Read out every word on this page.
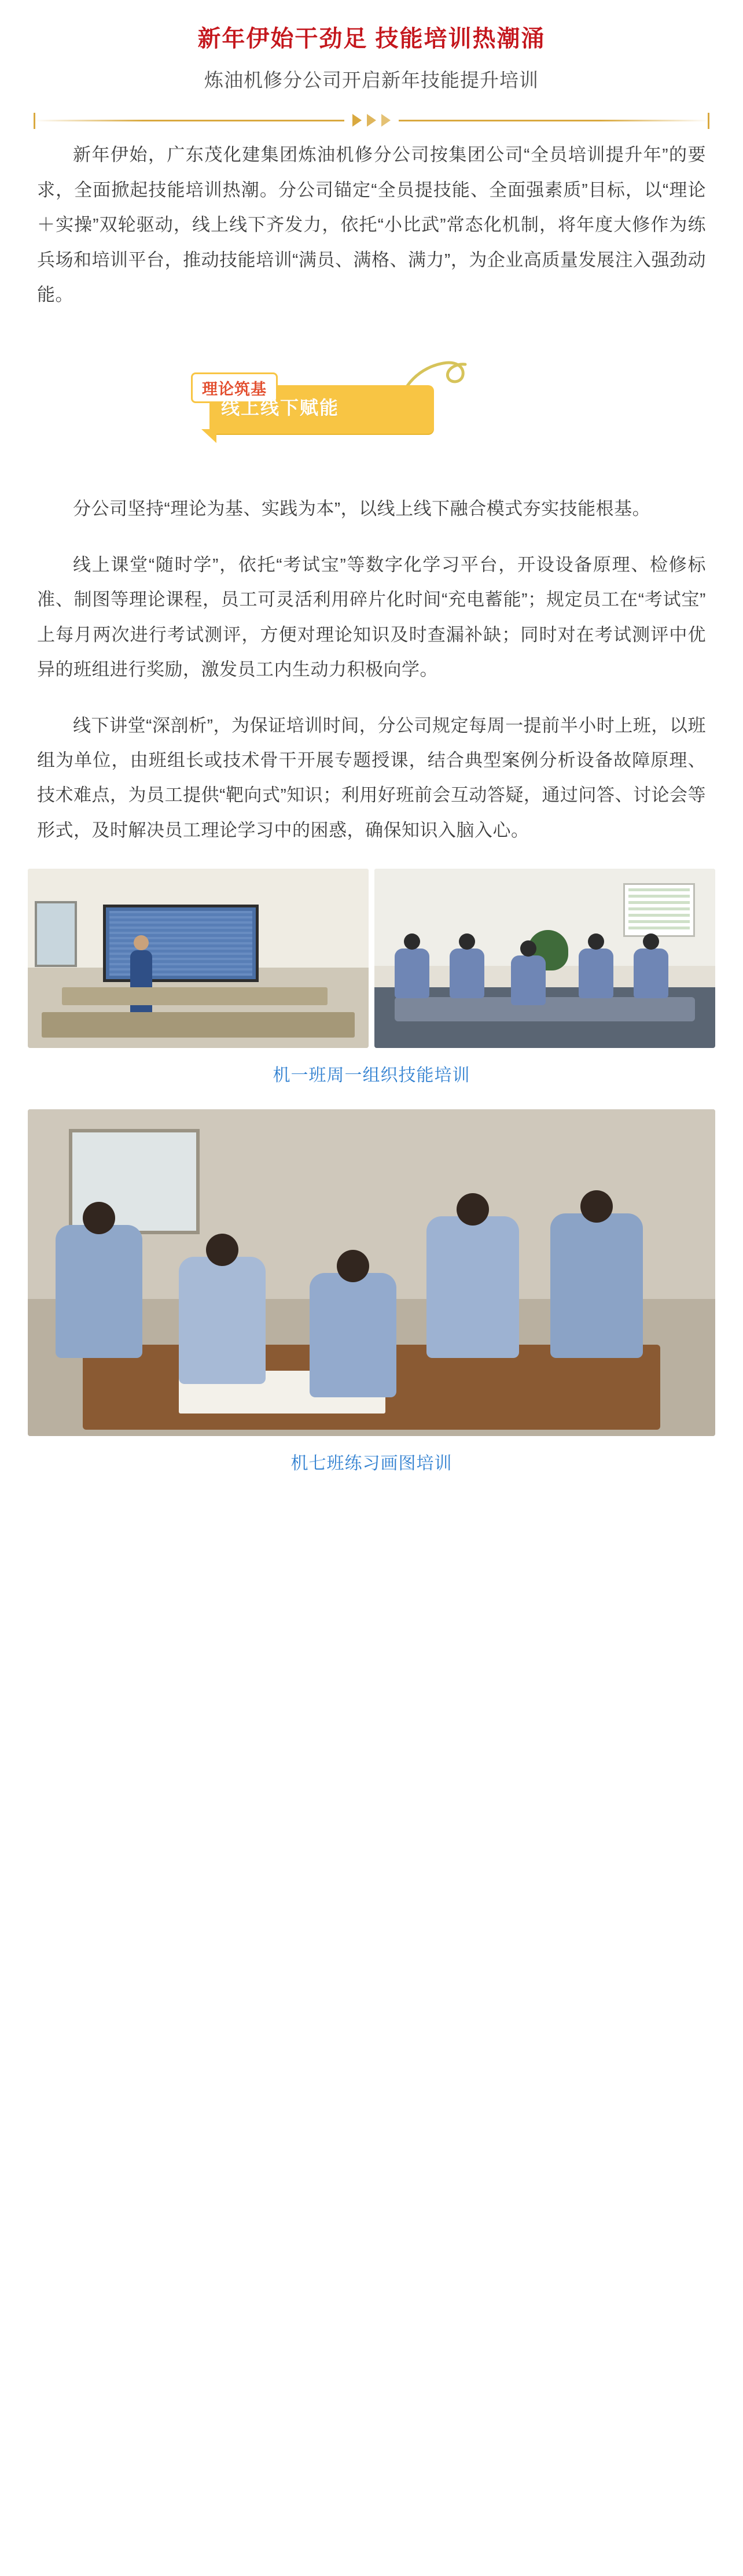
新年伊始干劲足 技能培训热潮涌
炼油机修分公司开启新年技能提升培训

新年伊始，广东茂化建集团炼油机修分公司按集团公司“全员培训提升年”的要求，全面掀起技能培训热潮。分公司锚定“全员提技能、全面强素质”目标，以“理论＋实操”双轮驱动，线上线下齐发力，依托“小比武”常态化机制，将年度大修作为练兵场和培训平台，推动技能培训“满员、满格、满力”，为企业高质量发展注入强劲动能。

理论筑基
线上线下赋能

分公司坚持“理论为基、实践为本”，以线上线下融合模式夯实技能根基。

线上课堂“随时学”，依托“考试宝”等数字化学习平台，开设设备原理、检修标准、制图等理论课程，员工可灵活利用碎片化时间“充电蓄能”；规定员工在“考试宝”上每月两次进行考试测评，方便对理论知识及时查漏补缺；同时对在考试测评中优异的班组进行奖励，激发员工内生动力积极向学。

线下讲堂“深剖析”，为保证培训时间，分公司规定每周一提前半小时上班，以班组为单位，由班组长或技术骨干开展专题授课，结合典型案例分析设备故障原理、技术难点，为员工提供“靶向式”知识；利用好班前会互动答疑，通过问答、讨论会等形式，及时解决员工理论学习中的困惑，确保知识入脑入心。

机一班周一组织技能培训
机七班练习画图培训
